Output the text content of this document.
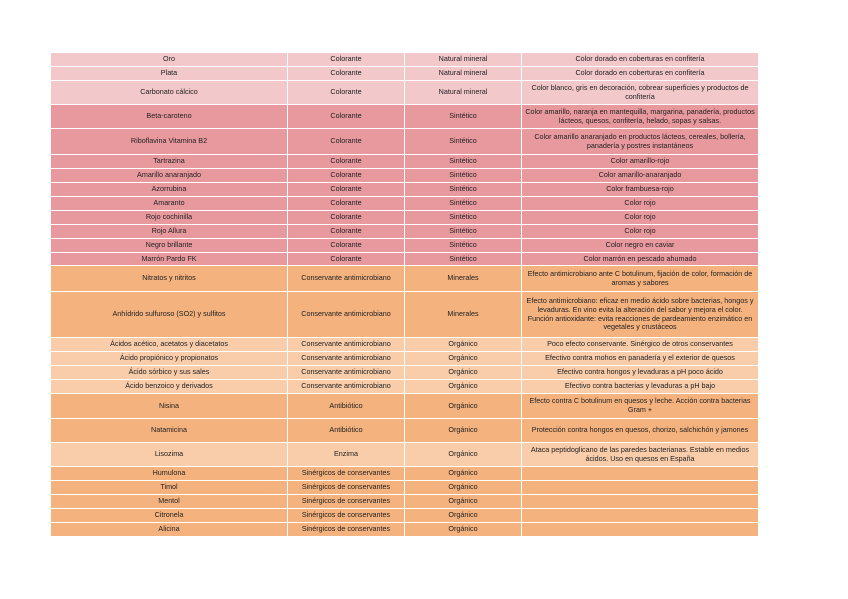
Oro	Colorante	Natural mineral	Color dorado en coberturas en confitería	
Plata	Colorante	Natural mineral	Color dorado en coberturas en confitería	
Carbonato cálcico	Colorante	Natural mineral	Color blanco, gris en decoración, cobrear superficies y productos de confitería	
Beta-caroteno	Colorante	Sintético	Color amarillo, naranja en mantequilla, margarina, panadería, productos lácteos, quesos, confitería, helado, sopas y salsas.	
Riboflavina Vitamina B2	Colorante	Sintético	Color amarillo anaranjado en productos lácteos, cereales, bollería, panadería y postres instantáneos	
Tartrazina	Colorante	Sintético	Color amarillo-rojo	
Amarillo anaranjado	Colorante	Sintético	Color amarillo-anaranjado	
Azorrubina	Colorante	Sintético	Color frambuesa-rojo	
Amaranto	Colorante	Sintético	Color rojo	
Rojo cochinilla	Colorante	Sintético	Color rojo	
Rojo Allura	Colorante	Sintético	Color rojo	
Negro brillante	Colorante	Sintético	Color negro en caviar	
Marrón Pardo FK	Colorante	Sintético	Color marrón en pescado ahumado	
Nitratos y nitritos	Conservante antimicrobiano	Minerales	Efecto antimicrobiano ante C botulinum, fijación de color, formación de aromas y sabores	
Anhídrido sulfuroso (SO2) y sulfitos	Conservante antimicrobiano	Minerales	Efecto antimicrobiano: eficaz en medio ácido sobre bacterias, hongos y levaduras. En vino evita la alteración del sabor y mejora el color. Función antioxidante: evita reacciones de pardeamiento enzimático en vegetales y crustáceos	
Ácidos acético, acetatos y diacetatos	Conservante antimicrobiano	Orgánico	Poco efecto conservante. Sinérgico de otros conservantes	
Ácido propiónico y propionatos	Conservante antimicrobiano	Orgánico	Efectivo contra mohos en panadería y el exterior de quesos	
Ácido sórbico y sus sales	Conservante antimicrobiano	Orgánico	Efectivo contra hongos y levaduras a pH poco ácido	
Ácido benzoico y derivados	Conservante antimicrobiano	Orgánico	Efectivo contra bacterias y levaduras a pH bajo	
Nisina	Antibiótico	Orgánico	Efecto contra C botulinum en quesos y leche. Acción contra bacterias Gram +	
Natamicina	Antibiótico	Orgánico	Protección contra hongos en quesos, chorizo, salchichón y jamones	
Lisozima	Enzima	Orgánico	Ataca peptidoglicano de las paredes bacterianas. Estable en medios ácidos. Uso en quesos en España	
Humulona	Sinérgicos de conservantes	Orgánico		
Timol	Sinérgicos de conservantes	Orgánico		
Mentol	Sinérgicos de conservantes	Orgánico		
Citronela	Sinérgicos de conservantes	Orgánico		
Alicina	Sinérgicos de conservantes	Orgánico		
